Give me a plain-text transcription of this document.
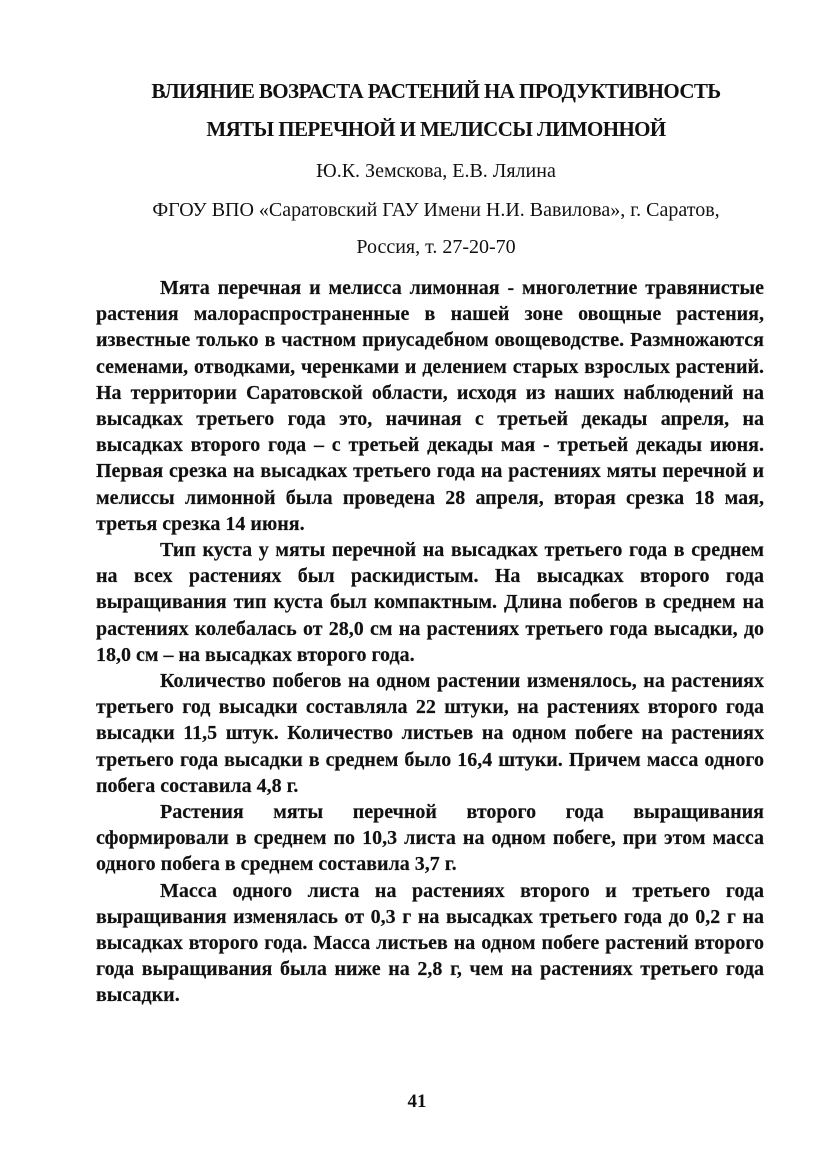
ВЛИЯНИЕ ВОЗРАСТА РАСТЕНИЙ НА ПРОДУКТИВНОСТЬ
МЯТЫ ПЕРЕЧНОЙ И МЕЛИССЫ ЛИМОННОЙ

Ю.К. Земскова, Е.В. Лялина

ФГОУ ВПО «Саратовский ГАУ Имени Н.И. Вавилова», г. Саратов,

Россия, т. 27-20-70

Мята перечная и мелисса лимонная - многолетние травянистые растения малораспространенные в нашей зоне овощные растения, известные только в частном приусадебном овощеводстве. Размножаются семенами, отводками, черенками и делением старых взрослых растений. На территории Саратовской области, исходя из наших наблюдений на высадках третьего года это, начиная с третьей декады апреля, на высадках второго года – с третьей декады мая - третьей декады июня. Первая срезка на высадках третьего года на растениях мяты перечной и мелиссы лимонной была проведена 28 апреля, вторая срезка 18 мая, третья срезка 14 июня.

Тип куста у мяты перечной на высадках третьего года в среднем на всех растениях был раскидистым. На высадках второго года выращивания тип куста был компактным. Длина побегов в среднем на растениях колебалась от 28,0 см на растениях третьего года высадки, до 18,0 см – на высадках второго года.

Количество побегов на одном растении изменялось, на растениях третьего год высадки составляла 22 штуки, на растениях второго года высадки 11,5 штук. Количество листьев на одном побеге на растениях третьего года высадки в среднем было 16,4 штуки. Причем масса одного побега составила 4,8 г.

Растения мяты перечной второго года выращивания сформировали в среднем по 10,3 листа на одном побеге, при этом масса одного побега в среднем составила 3,7 г.

Масса одного листа на растениях второго и третьего года выращивания изменялась от 0,3 г на высадках третьего года до 0,2 г на высадках второго года. Масса листьев на одном побеге растений второго года выращивания была ниже на 2,8 г, чем на растениях третьего года высадки.

41
